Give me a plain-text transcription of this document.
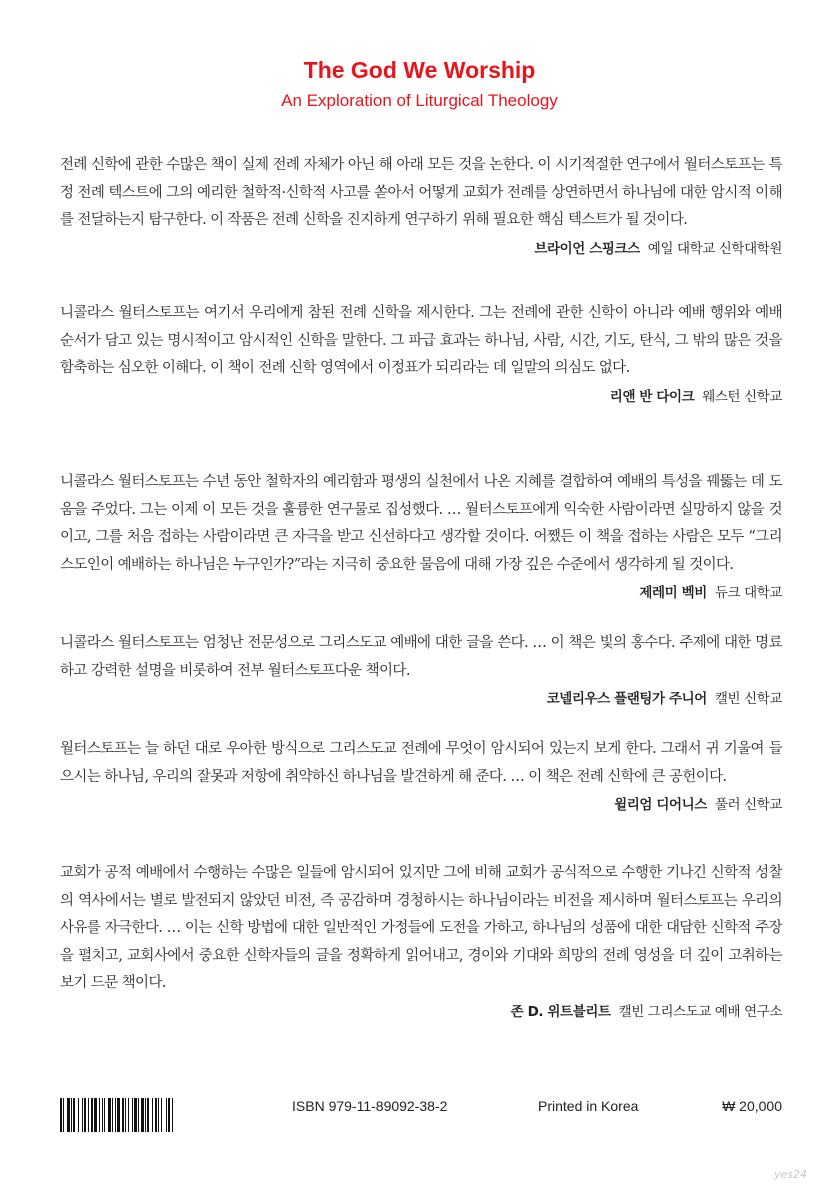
The God We Worship
An Exploration of Liturgical Theology

전례 신학에 관한 수많은 책이 실제 전례 자체가 아닌 해 아래 모든 것을 논한다. 이 시기적절한 연구에서 월터스토프는 특정 전례 텍스트에 그의 예리한 철학적·신학적 사고를 쏟아서 어떻게 교회가 전례를 상연하면서 하나님에 대한 암시적 이해를 전달하는지 탐구한다. 이 작품은 전례 신학을 진지하게 연구하기 위해 필요한 핵심 텍스트가 될 것이다.

브라이언 스핑크스 예일 대학교 신학대학원

니콜라스 월터스토프는 여기서 우리에게 참된 전례 신학을 제시한다. 그는 전례에 관한 신학이 아니라 예배 행위와 예배 순서가 담고 있는 명시적이고 암시적인 신학을 말한다. 그 파급 효과는 하나님, 사람, 시간, 기도, 탄식, 그 밖의 많은 것을 함축하는 심오한 이해다. 이 책이 전례 신학 영역에서 이정표가 되리라는 데 일말의 의심도 없다.

리앤 반 다이크 웨스턴 신학교

니콜라스 월터스토프는 수년 동안 철학자의 예리함과 평생의 실천에서 나온 지혜를 결합하여 예배의 특성을 꿰뚫는 데 도움을 주었다. 그는 이제 이 모든 것을 훌륭한 연구물로 집성했다. … 월터스토프에게 익숙한 사람이라면 실망하지 않을 것이고, 그를 처음 접하는 사람이라면 큰 자극을 받고 신선하다고 생각할 것이다. 어쨌든 이 책을 접하는 사람은 모두 “그리스도인이 예배하는 하나님은 누구인가?”라는 지극히 중요한 물음에 대해 가장 깊은 수준에서 생각하게 될 것이다.

제레미 벡비 듀크 대학교

니콜라스 월터스토프는 엄청난 전문성으로 그리스도교 예배에 대한 글을 쓴다. … 이 책은 빛의 홍수다. 주제에 대한 명료하고 강력한 설명을 비롯하여 전부 월터스토프다운 책이다.

코넬리우스 플랜팅가 주니어 캘빈 신학교

월터스토프는 늘 하던 대로 우아한 방식으로 그리스도교 전례에 무엇이 암시되어 있는지 보게 한다. 그래서 귀 기울여 들으시는 하나님, 우리의 잘못과 저항에 취약하신 하나님을 발견하게 해 준다. … 이 책은 전례 신학에 큰 공헌이다.

윌리엄 디어니스 풀러 신학교

교회가 공적 예배에서 수행하는 수많은 일들에 암시되어 있지만 그에 비해 교회가 공식적으로 수행한 기나긴 신학적 성찰의 역사에서는 별로 발전되지 않았던 비전, 즉 공감하며 경청하시는 하나님이라는 비전을 제시하며 월터스토프는 우리의 사유를 자극한다. … 이는 신학 방법에 대한 일반적인 가정들에 도전을 가하고, 하나님의 성품에 대한 대담한 신학적 주장을 펼치고, 교회사에서 중요한 신학자들의 글을 정확하게 읽어내고, 경이와 기대와 희망의 전례 영성을 더 깊이 고취하는 보기 드문 책이다.

존 D. 위트블리트 캘빈 그리스도교 예배 연구소
ISBN 979-11-89092-38-2	Printed in Korea	₩ 20,000
yes24
